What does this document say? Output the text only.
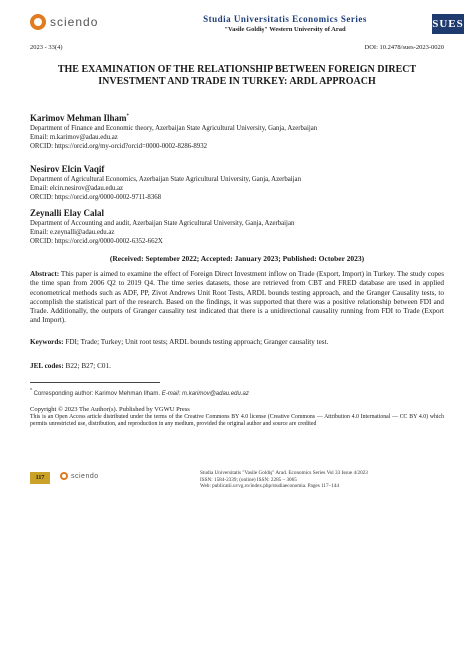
sciendo	Studia Universitatis Economics Series
"Vasile Goldiş" Western University of Arad	SUES
2023 - 33(4)	DOI: 10.2478/sues-2023-0020
THE EXAMINATION OF THE RELATIONSHIP BETWEEN FOREIGN DIRECT INVESTMENT AND TRADE IN TURKEY: ARDL APPROACH
Karimov Mehman Ilham*
Department of Finance and Economic theory, Azerbaijan State Agricultural University, Ganja, Azerbaijan
Email: m.karimov@adau.edu.az
ORCID: https://orcid.org/my-orcid?orcid=0000-0002-8286-8932
Nesirov Elcin Vaqif
Department of Agricultural Economics, Azerbaijan State Agricultural University, Ganja, Azerbaijan
Email: elcin.nesirov@adau.edu.az
ORCID: https://orcid.org/0000-0002-9711-8368
Zeynalli Elay Calal
Department of Accounting and audit, Azerbaijan State Agricultural University, Ganja, Azerbaijan
Email: e.zeynalli@adau.edu.az
ORCID: https://orcid.org/0000-0002-6352-662X
(Received: September 2022; Accepted: January 2023; Published: October 2023)
Abstract: This paper is aimed to examine the effect of Foreign Direct Investment inflow on Trade (Export, Import) in Turkey. The study copes the time span from 2006 Q2 to 2019 Q4. The time series datasets, those are retrieved from CBT and FRED database are used in applied econometrical methods such as ADF, PP, Zivot Andrews Unit Root Tests, ARDL bounds testing approach, and the Granger Causality tests, to accomplish the statistical part of the research. Based on the findings, it was supported that there was a positive relationship between FDI and Trade. Additionally, the outputs of Granger causality test indicated that there is a unidirectional causality running from FDI to Trade (Export and Import).
Keywords: FDI; Trade; Turkey; Unit root tests; ARDL bounds testing approach; Granger causality test.
JEL codes: B22; B27; C01.
* Corresponding author: Karimov Mehman Ilham. E-mail: m.karimov@adau.edu.az
Copyright © 2023 The Author(s). Published by VGWU Press
This is an Open Access article distributed under the terms of the Creative Commons BY 4.0 license (Creative Commons — Attribution 4.0 International — CC BY 4.0) which permits unrestricted use, distribution, and reproduction in any medium, provided the original author and source are credited
117	sciendo	Studia Universitatis "Vasile Goldiş" Arad. Economics Series Vol 33 Issue 4/2023
ISSN: 1584-2339; (online) ISSN: 2285 – 3065
Web: publicatii.uvvg.ro/index.php/studiaeconomia. Pages 117–144
